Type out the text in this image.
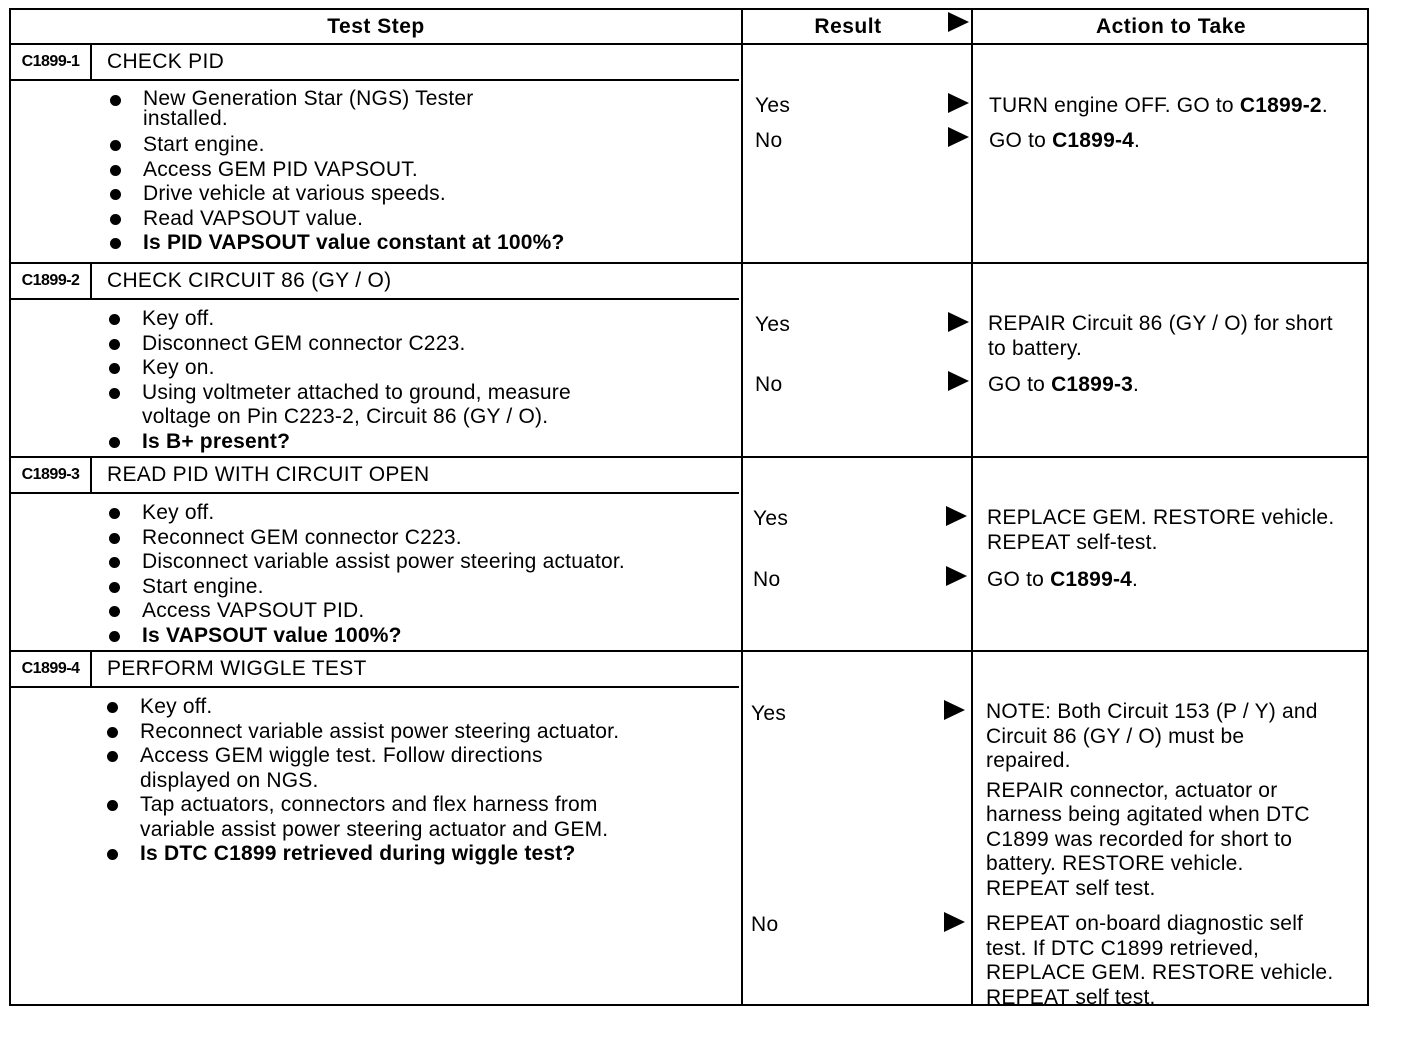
Test Step	Result	Action to Take
C1899-1	CHECK PID
New Generation Star (NGS) Tester
installed.
Start engine.
Access GEM PID VAPSOUT.
Drive vehicle at various speeds.
Read VAPSOUT value.
Is PID VAPSOUT value constant at 100%?
Yes	TURN engine OFF. GO to C1899-2.
No	GO to C1899-4.
C1899-2	CHECK CIRCUIT 86 (GY / O)
Key off.
Disconnect GEM connector C223.
Key on.
Using voltmeter attached to ground, measure
voltage on Pin C223-2, Circuit 86 (GY / O).
Is B+ present?
Yes	REPAIR Circuit 86 (GY / O) for short
to battery.
No	GO to C1899-3.
C1899-3	READ PID WITH CIRCUIT OPEN
Key off.
Reconnect GEM connector C223.
Disconnect variable assist power steering actuator.
Start engine.
Access VAPSOUT PID.
Is VAPSOUT value 100%?
Yes	REPLACE GEM. RESTORE vehicle.
REPEAT self-test.
No	GO to C1899-4.
C1899-4	PERFORM WIGGLE TEST
Key off.
Reconnect variable assist power steering actuator.
Access GEM wiggle test. Follow directions
displayed on NGS.
Tap actuators, connectors and flex harness from
variable assist power steering actuator and GEM.
Is DTC C1899 retrieved during wiggle test?
Yes	NOTE: Both Circuit 153 (P / Y) and
Circuit 86 (GY / O) must be
repaired.
REPAIR connector, actuator or
harness being agitated when DTC
C1899 was recorded for short to
battery. RESTORE vehicle.
REPEAT self test.
No	REPEAT on-board diagnostic self
test. If DTC C1899 retrieved,
REPLACE GEM. RESTORE vehicle.
REPEAT self test.
